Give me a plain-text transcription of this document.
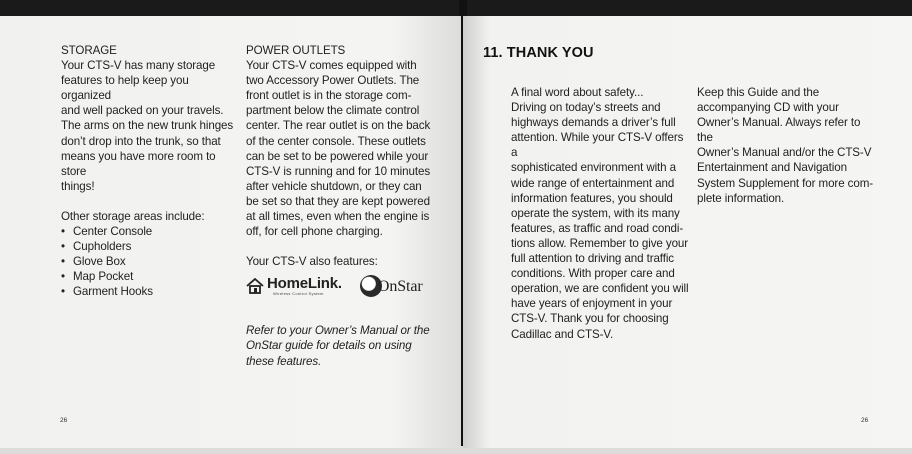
STORAGE

Your CTS-V has many storage

features to help keep you organized

and well packed on your travels.

The arms on the new trunk hinges

don’t drop into the trunk, so that

means you have more room to store

things!

Other storage areas include:

• Center Console
• Cupholders
• Glove Box
• Map Pocket
• Garment Hooks

POWER OUTLETS

Your CTS-V comes equipped with

two Accessory Power Outlets. The

front outlet is in the storage com-

partment below the climate control

center. The rear outlet is on the back

of the center console. These outlets

can be set to be powered while your

CTS-V is running and for 10 minutes

after vehicle shutdown, or they can

be set so that they are kept powered

at all times, even when the engine is

off, for cell phone charging.

Your CTS-V also features:

HomeLink.
Wireless Control System	OnStar

Refer to your Owner’s Manual or the

OnStar guide for details on using

these features.

26
11. THANK YOU

A final word about safety...

Driving on today’s streets and

highways demands a driver’s full

attention. While your CTS-V offers a

sophisticated environment with a

wide range of entertainment and

information features, you should

operate the system, with its many

features, as traffic and road condi-

tions allow. Remember to give your

full attention to driving and traffic

conditions. With proper care and

operation, we are confident you will

have years of enjoyment in your

CTS-V. Thank you for choosing

Cadillac and CTS-V.

Keep this Guide and the

accompanying CD with your

Owner’s Manual. Always refer to the

Owner’s Manual and/or the CTS-V

Entertainment and Navigation

System Supplement for more com-

plete information.

26
